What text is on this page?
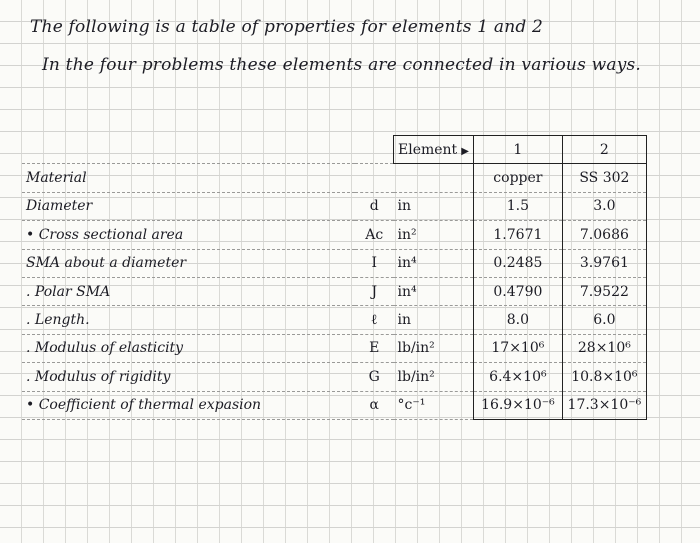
The following is a table of properties for elements 1 and 2
In the four problems these elements are connected in various ways.
		Element ▶	1	2
Material			copper	SS 302
Diameter	d	in	1.5	3.0
• Cross sectional area	Ac	in²	1.7671	7.0686
SMA about a diameter	I	in⁴	0.2485	3.9761
. Polar SMA	J	in⁴	0.4790	7.9522
. Length.	ℓ	in	8.0	6.0
. Modulus of elasticity	E	lb/in²	17×10⁶	28×10⁶
. Modulus of rigidity	G	lb/in²	6.4×10⁶	10.8×10⁶
• Coefficient of thermal expasion	α	°c⁻¹	16.9×10⁻⁶	17.3×10⁻⁶
